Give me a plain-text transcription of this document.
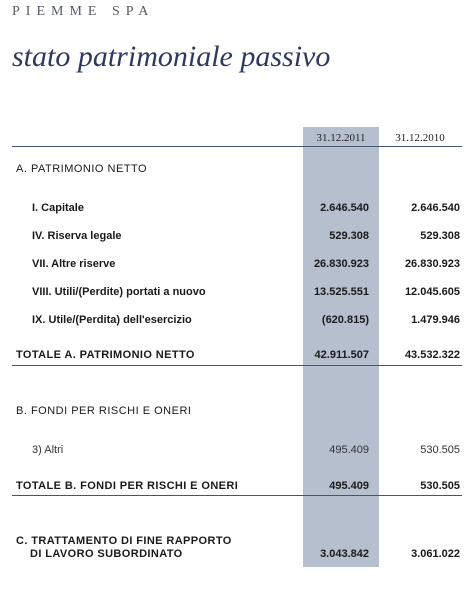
PIEMME SPA
stato patrimoniale passivo
31.12.2011	31.12.2010
A. PATRIMONIO NETTO
I. Capitale	2.646.540	2.646.540
IV. Riserva legale	529.308	529.308
VII. Altre riserve	26.830.923	26.830.923
VIII. Utili/(Perdite) portati a nuovo	13.525.551	12.045.605
IX. Utile/(Perdita) dell'esercizio	(620.815)	1.479.946
TOTALE A. PATRIMONIO NETTO	42.911.507	43.532.322
B. FONDI PER RISCHI E ONERI
3) Altri	495.409	530.505
TOTALE B. FONDI PER RISCHI E ONERI	495.409	530.505
C. TRATTAMENTO DI FINE RAPPORTO
DI LAVORO SUBORDINATO	3.043.842	3.061.022
